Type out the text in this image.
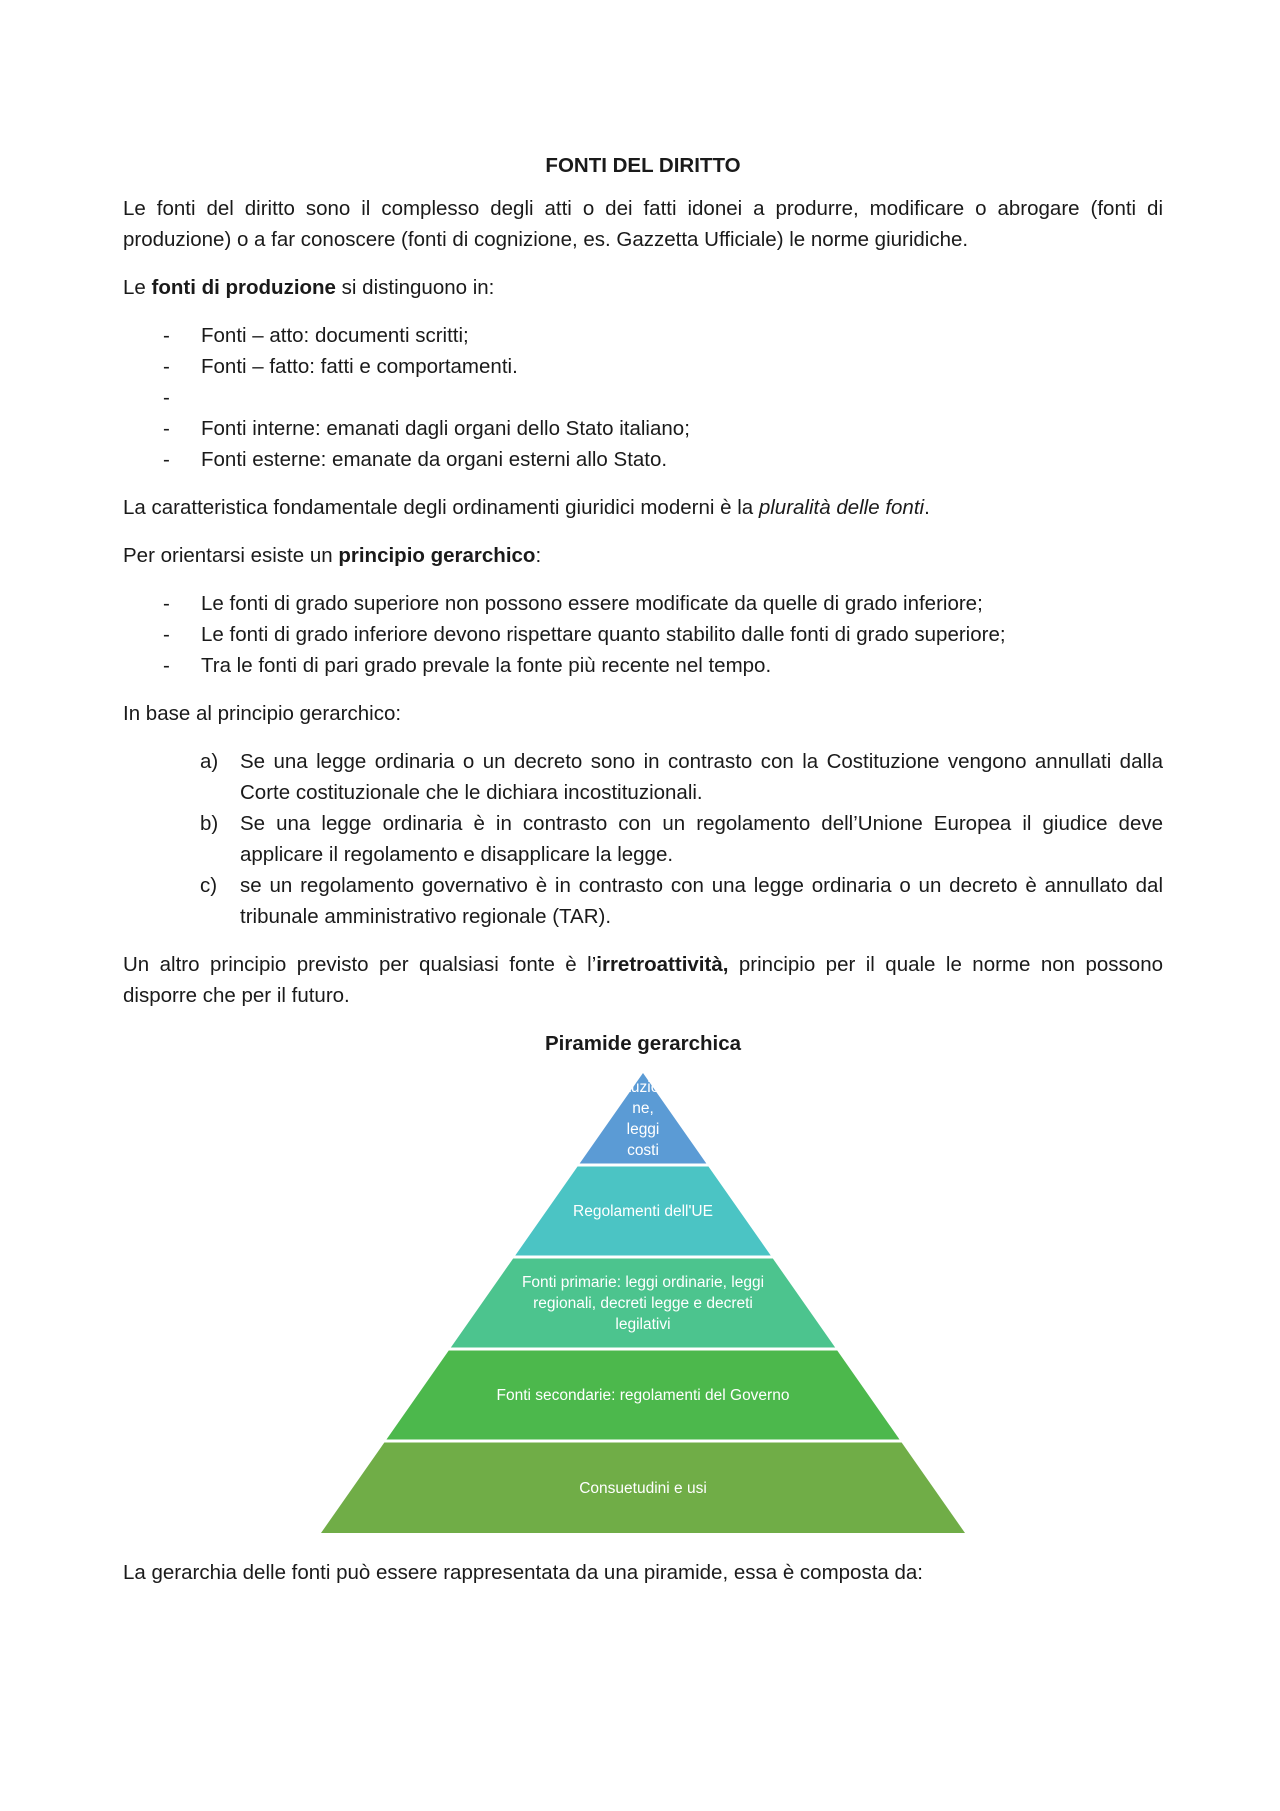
FONTI DEL DIRITTO

Le fonti del diritto sono il complesso degli atti o dei fatti idonei a produrre, modificare o abrogare (fonti di produzione) o a far conoscere (fonti di cognizione, es. Gazzetta Ufficiale) le norme giuridiche.

Le fonti di produzione si distinguono in:

- Fonti – atto: documenti scritti;
- Fonti – fatto: fatti e comportamenti.
-
- Fonti interne: emanati dagli organi dello Stato italiano;
- Fonti esterne: emanate da organi esterni allo Stato.

La caratteristica fondamentale degli ordinamenti giuridici moderni è la pluralità delle fonti.

Per orientarsi esiste un principio gerarchico:

- Le fonti di grado superiore non possono essere modificate da quelle di grado inferiore;
- Le fonti di grado inferiore devono rispettare quanto stabilito dalle fonti di grado superiore;
- Tra le fonti di pari grado prevale la fonte più recente nel tempo.

In base al principio gerarchico:

a) Se una legge ordinaria o un decreto sono in contrasto con la Costituzione vengono annullati dalla Corte costituzionale che le dichiara incostituzionali.
b) Se una legge ordinaria è in contrasto con un regolamento dell’Unione Europea il giudice deve applicare il regolamento e disapplicare la legge.
c) se un regolamento governativo è in contrasto con una legge ordinaria o un decreto è annullato dal tribunale amministrativo regionale (TAR).

Un altro principio previsto per qualsiasi fonte è l’irretroattività, principio per il quale le norme non possono disporre che per il futuro.

Piramide gerarchica
tuzio
ne,
leggi
costi
Regolamenti dell'UE
Fonti primarie: leggi ordinarie, leggi
regionali, decreti legge e decreti
legilativi
Fonti secondarie: regolamenti del Governo
Consuetudini e usi

La gerarchia delle fonti può essere rappresentata da una piramide, essa è composta da:
